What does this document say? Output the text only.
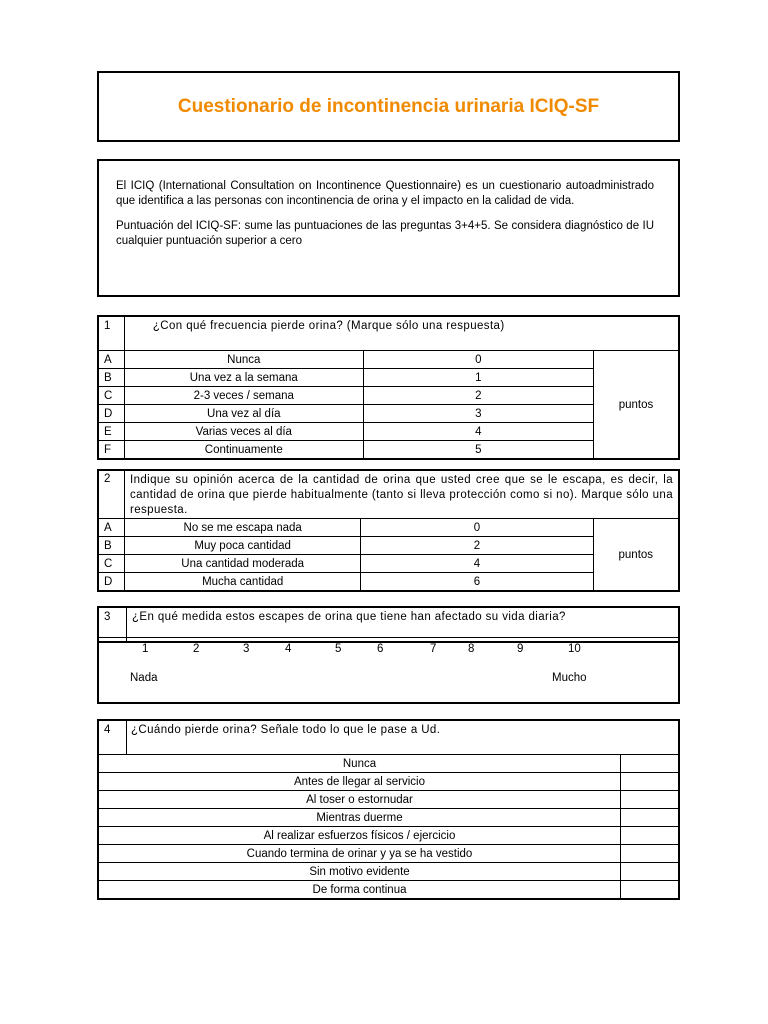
Cuestionario de incontinencia urinaria ICIQ-SF

El ICIQ (International Consultation on Incontinence Questionnaire) es un cuestionario autoadministrado que identifica a las personas con incontinencia de orina y el impacto en la calidad de vida.

Puntuación del ICIQ-SF: sume las puntuaciones de las preguntas 3+4+5. Se considera diagnóstico de IU cualquier puntuación superior a cero

1	¿Con qué frecuencia pierde orina? (Marque sólo una respuesta)		
A	Nunca	0	puntos
B	Una vez a la semana	1	
C	2-3 veces / semana	2	
D	Una vez al día	3	
E	Varias veces al día	4	
F	Continuamente	5	
2	Indique su opinión acerca de la cantidad de orina que usted cree que se le escapa, es decir, la cantidad de orina que pierde habitualmente (tanto si lleva protección como si no). Marque sólo una respuesta.		
A	No se me escapa nada	0	puntos
B	Muy poca cantidad	2	
C	Una cantidad moderada	4	
D	Mucha cantidad	6	
3	¿En qué medida estos escapes de orina que tiene han afectado su vida diaria?
1	2	3	4	5	6	7	8	9	10
Nada	Mucho
4	¿Cuándo pierde orina? Señale todo lo que le pase a Ud.	
Nunca		
Antes de llegar al servicio		
Al toser o estornudar		
Mientras duerme		
Al realizar esfuerzos físicos / ejercicio		
Cuando termina de orinar y ya se ha vestido		
Sin motivo evidente		
De forma continua		
